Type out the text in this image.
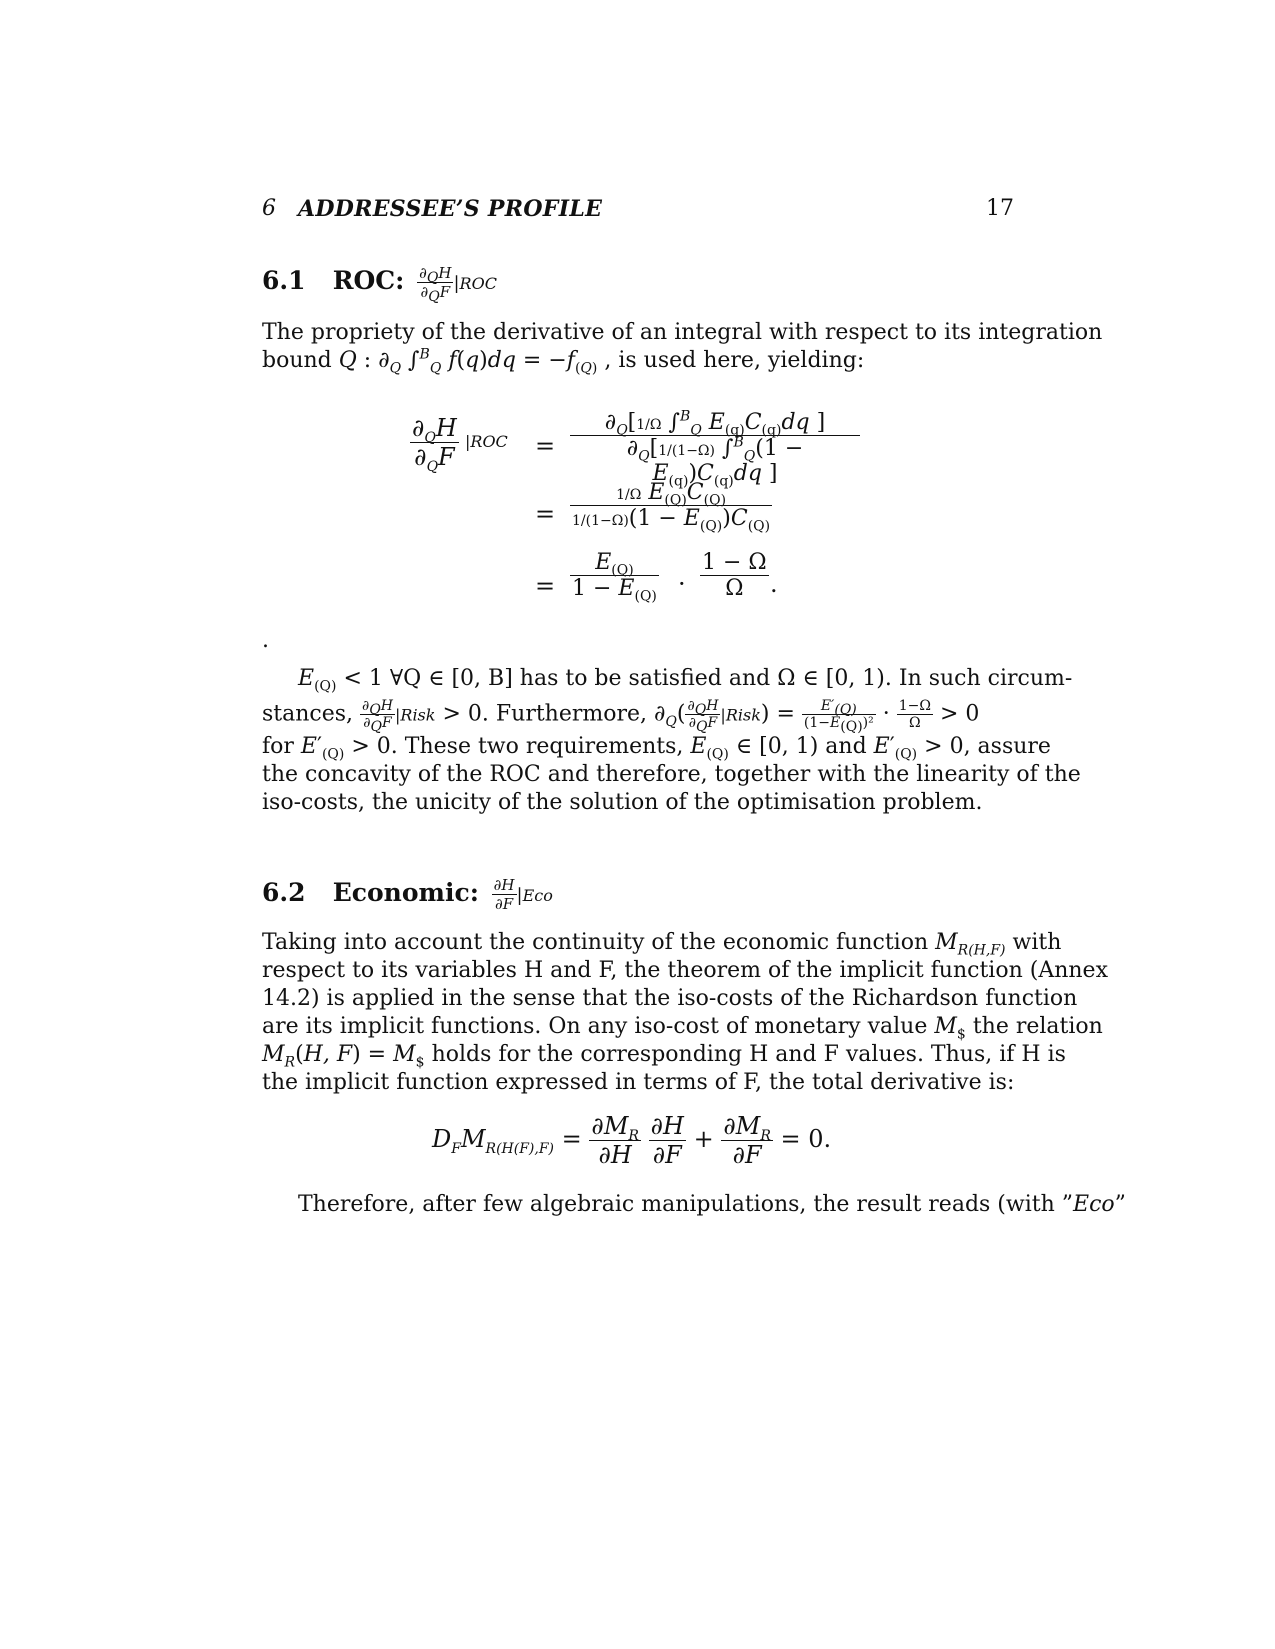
6 ADDRESSEE’S PROFILE	17
6.1 ROC: $\frac{\partial_QH}{\partial_QF} |ROC$
The propriety of the derivative of an integral with respect to its integration
bound Q : $\partial_Q$ ∫$^B_Q$ $f(q)dq = -f_{(Q)}$ , is used here, yielding:
$\frac{\partial_QH}{\partial_QF} |ROC = \frac{\partial_Q[1/\Omega \int^B_Q E_{(q)}C_{(q)}dq ]}{\partial_Q[1/(1-\Omega) \int^B_Q(1 - E_{(q)})C_{(q)}dq ]}$
= $\frac{1/\Omega E_{(Q)}C_{(Q)}}{1/(1-\Omega)(1 - E_{(Q)})C_{(Q)}}$
= $\frac{E_{(Q)}}{1 - E_{(Q)}} \cdot \frac{1 - \Omega}{\Omega}$ .
.
$E_{(Q)} < 1$ ∀Q ∈ [0, B] has to be satisfied and Ω ∈ [0, 1). In such circum-
stances, $\frac{\partial_QH}{\partial_QF}$ |Risk > 0. Furthermore, $\partial_Q( \frac{\partial_QH}{\partial_QF}$ |Risk) = $\frac{E'_{(Q)}}{(1-E_{(Q)})^2} \cdot \frac{1-\Omega}{\Omega} > 0$
for $E'_{(Q)} > 0$. These two requirements, $E_{(Q)}$ ∈ [0, 1) and $E'_{(Q)} > 0$, assure
the concavity of the ROC and therefore, together with the linearity of the
iso-costs, the unicity of the solution of the optimisation problem.
6.2 Economic: $\frac{\partial H}{\partial F} |Eco$
Taking into account the continuity of the economic function $M_{R(H,F)}$ with
respect to its variables H and F, the theorem of the implicit function (Annex
14.2) is applied in the sense that the iso-costs of the Richardson function
are its implicit functions. On any iso-cost of monetary value $M_{\$}$ the relation
$M_R(H$, $F) = M_{\$}$ holds for the corresponding H and F values. Thus, if H is
the implicit function expressed in terms of F, the total derivative is:
$D_FM_{R(H(F),F)} = \frac{\partial M_R}{\partial H}$
$\frac{\partial H}{\partial F} + \frac{\partial M_R}{\partial F} = 0$.
Therefore, after few algebraic manipulations, the result reads (with ”Eco”
